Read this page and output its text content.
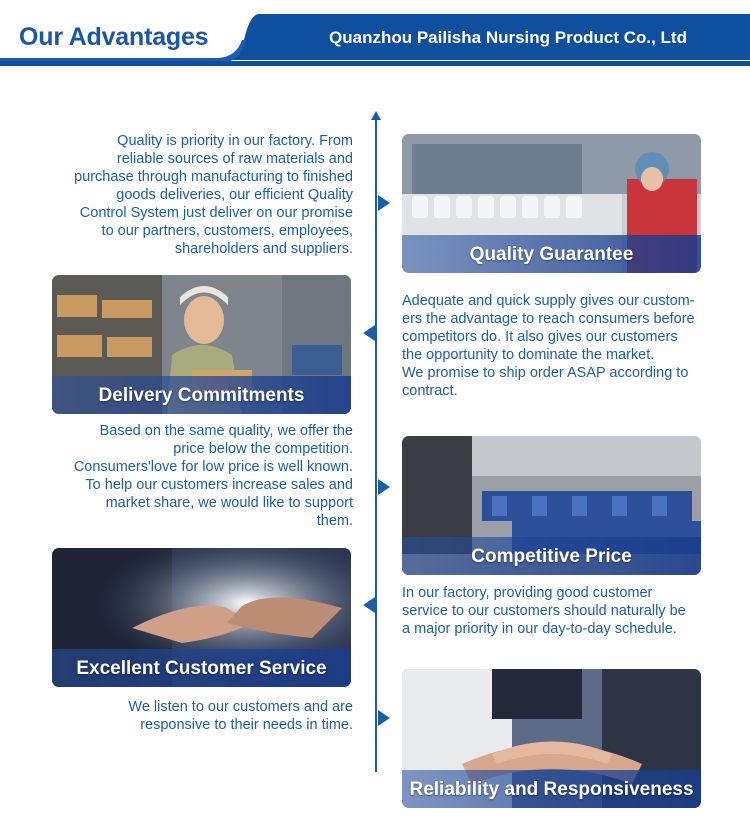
Our Advantages	Quanzhou Pailisha Nursing Product Co., Ltd
Quality is priority in our factory. From
reliable sources of raw materials and
purchase through manufacturing to finished
goods deliveries, our efficient Quality
Control System just deliver on our promise
to our partners, customers, employees,
shareholders and suppliers.	Quality Guarantee
Delivery Commitments
Adequate and quick supply gives our custom-
ers the advantage to reach consumers before
competitors do. It also gives our customers
the opportunity to dominate the market.
We promise to ship order ASAP according to
contract.
Based on the same quality, we offer the
price below the competition.
Consumers'love for low price is well known.
To help our customers increase sales and
market share, we would like to support
them.
Competitive Price
Excellent Customer Service
In our factory, providing good customer
service to our customers should naturally be
a major priority in our day-to-day schedule.
We listen to our customers and are
responsive to their needs in time.
Reliability and Responsiveness
